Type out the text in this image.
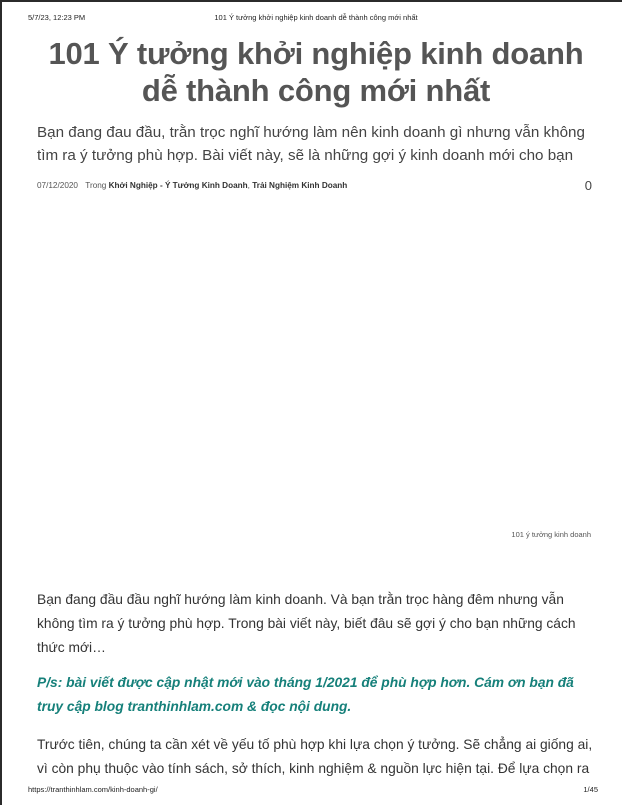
5/7/23, 12:23 PM	101 Ý tưởng khởi nghiệp kinh doanh dễ thành công mới nhất
101 Ý tưởng khởi nghiệp kinh doanh dễ thành công mới nhất

Bạn đang đau đầu, trằn trọc nghĩ hướng làm nên kinh doanh gì nhưng vẫn không tìm ra ý tưởng phù hợp. Bài viết này, sẽ là những gợi ý kinh doanh mới cho bạn

07/12/2020 Trong Khởi Nghiệp - Ý Tưởng Kinh Doanh, Trải Nghiệm Kinh Doanh	0
101 ý tưởng kinh doanh

Bạn đang đầu đầu nghĩ hướng làm kinh doanh. Và bạn trằn trọc hàng đêm nhưng vẫn không tìm ra ý tưởng phù hợp. Trong bài viết này, biết đâu sẽ gợi ý cho bạn những cách thức mới…

P/s: bài viết được cập nhật mới vào tháng 1/2021 để phù hợp hơn. Cám ơn bạn đã truy cập blog tranthinhlam.com & đọc nội dung.

Trước tiên, chúng ta cần xét về yếu tố phù hợp khi lựa chọn ý tưởng. Sẽ chẳng ai giống ai, vì còn phụ thuộc vào tính sách, sở thích, kinh nghiệm & nguồn lực hiện tại. Để lựa chọn ra

https://tranthinhlam.com/kinh-doanh-gi/	1/45
